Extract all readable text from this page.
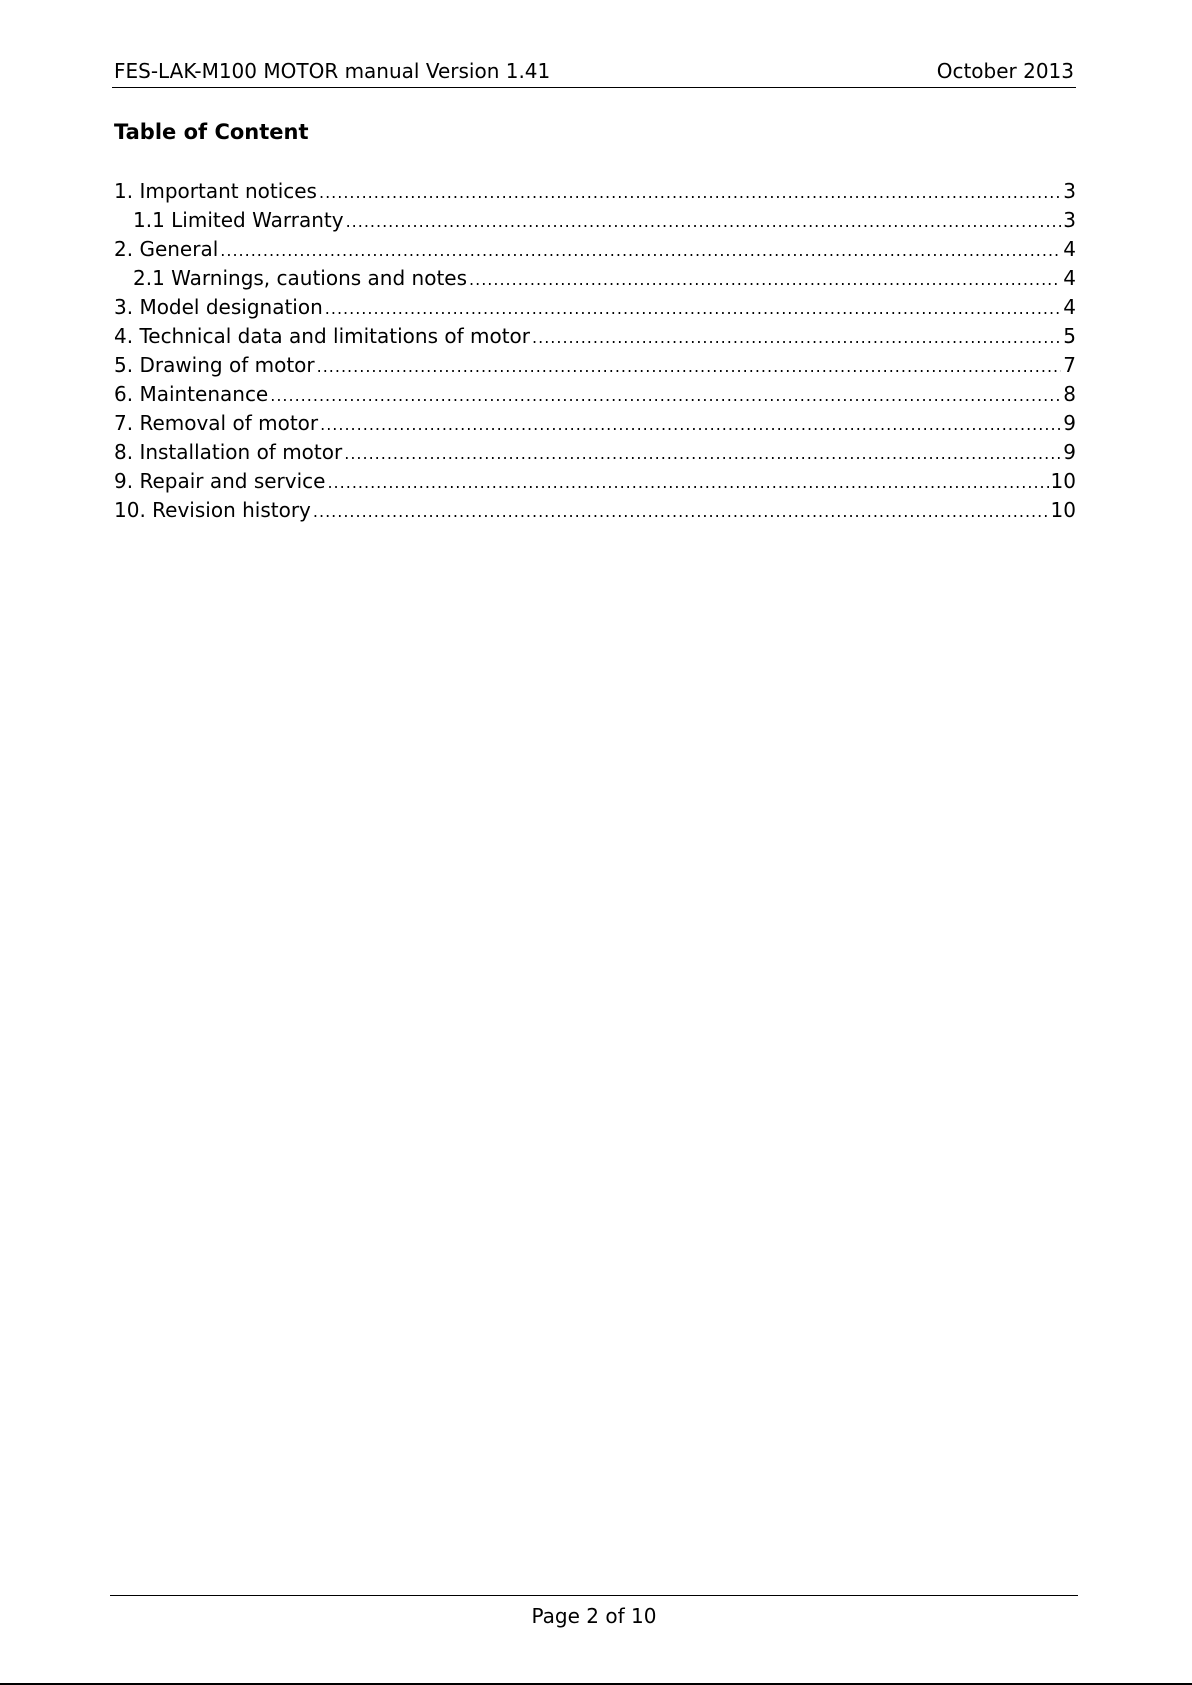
FES-LAK-M100 MOTOR manual Version 1.41	October 2013
Table of Content
1. Important notices .....	3
1.1 Limited Warranty .....	3
2. General .....	4
2.1 Warnings, cautions and notes .....	4
3. Model designation .....	4
4. Technical data and limitations of motor .....	5
5. Drawing of motor .....	7
6. Maintenance .....	8
7. Removal of motor .....	9
8. Installation of motor .....	9
9. Repair and service .....	10
10. Revision history .....	10
Page 2 of 10
